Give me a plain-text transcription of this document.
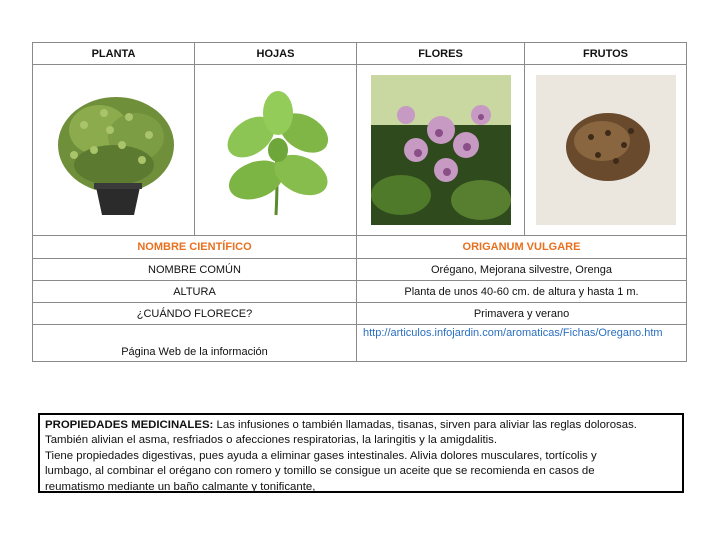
PLANTA	HOJAS	FLORES	FRUTOS

NOMBRE CIENTÍFICO		ORIGANUM VULGARE	
NOMBRE COMÚN		Orégano, Mejorana silvestre, Orenga	
ALTURA		Planta de unos 40-60 cm. de altura y hasta 1 m.	
¿CUÁNDO FLORECE?		Primavera y verano	
Página Web de la información		http://articulos.infojardin.com/aromaticas/Fichas/Oregano.htm	
PROPIEDADES MEDICINALES: Las infusiones o también llamadas, tisanas, sirven para aliviar las reglas dolorosas.
También alivian el asma, resfriados o afecciones respiratorias, la laringitis y la amigdalitis.
Tiene propiedades digestivas, pues ayuda a eliminar gases intestinales. Alivia dolores musculares, tortícolis y
lumbago, al combinar el orégano con romero y tomillo se consigue un aceite que se recomienda en casos de
reumatismo mediante un baño calmante y tonificante,
